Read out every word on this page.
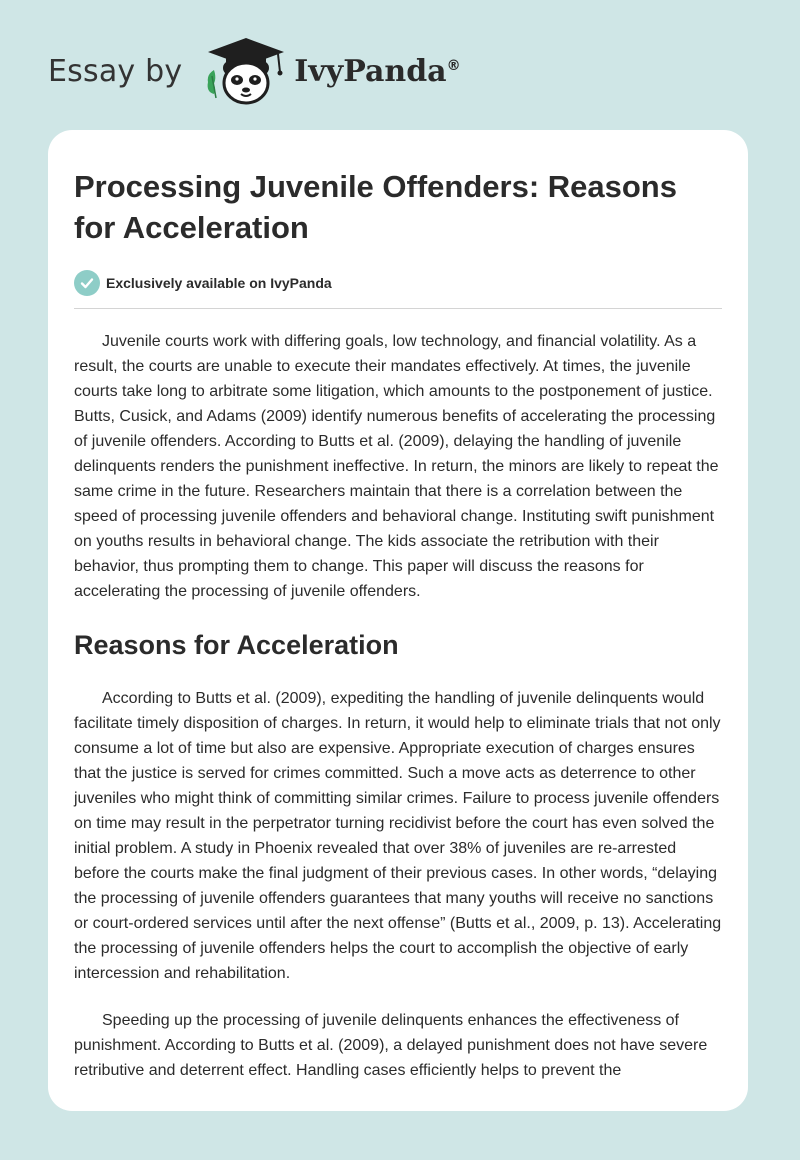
Essay by	IvyPanda®
Processing Juvenile Offenders: Reasons for Acceleration
Exclusively available on IvyPanda

Juvenile courts work with differing goals, low technology, and financial volatility. As a result, the courts are unable to execute their mandates effectively. At times, the juvenile courts take long to arbitrate some litigation, which amounts to the postponement of justice. Butts, Cusick, and Adams (2009) identify numerous benefits of accelerating the processing of juvenile offenders. According to Butts et al. (2009), delaying the handling of juvenile delinquents renders the punishment ineffective. In return, the minors are likely to repeat the same crime in the future. Researchers maintain that there is a correlation between the speed of processing juvenile offenders and behavioral change. Instituting swift punishment on youths results in behavioral change. The kids associate the retribution with their behavior, thus prompting them to change. This paper will discuss the reasons for accelerating the processing of juvenile offenders.

Reasons for Acceleration

According to Butts et al. (2009), expediting the handling of juvenile delinquents would facilitate timely disposition of charges. In return, it would help to eliminate trials that not only consume a lot of time but also are expensive. Appropriate execution of charges ensures that the justice is served for crimes committed. Such a move acts as deterrence to other juveniles who might think of committing similar crimes. Failure to process juvenile offenders on time may result in the perpetrator turning recidivist before the court has even solved the initial problem. A study in Phoenix revealed that over 38% of juveniles are re-arrested before the courts make the final judgment of their previous cases. In other words, “delaying the processing of juvenile offenders guarantees that many youths will receive no sanctions or court-ordered services until after the next offense” (Butts et al., 2009, p. 13). Accelerating the processing of juvenile offenders helps the court to accomplish the objective of early intercession and rehabilitation.

Speeding up the processing of juvenile delinquents enhances the effectiveness of punishment. According to Butts et al. (2009), a delayed punishment does not have severe retributive and deterrent effect. Handling cases efficiently helps to prevent the
